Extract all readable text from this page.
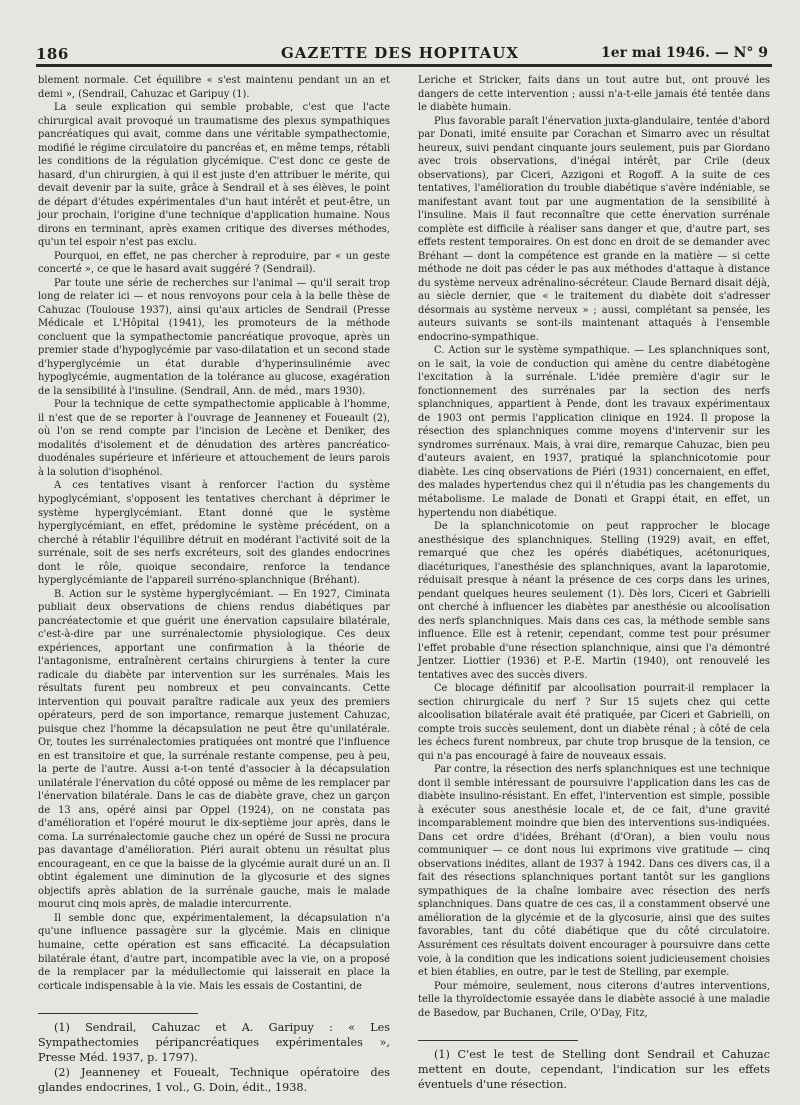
186	GAZETTE DES HOPITAUX	1er mai 1946. — N° 9

blement normale. Cet équilibre « s'est maintenu pendant un an et demi », (Sendrail, Cahuzac et Garipuy (1).

La seule explication qui semble probable, c'est que l'acte chirurgical avait provoqué un traumatisme des plexus sympathiques pancréatiques qui avait, comme dans une véritable sympathectomie, modifié le régime circulatoire du pancréas et, en même temps, rétabli les conditions de la régulation glycémique. C'est donc ce geste de hasard, d'un chirurgien, à qui il est juste d'en attribuer le mérite, qui devait devenir par la suite, grâce à Sendrail et à ses élèves, le point de départ d'études expérimentales d'un haut intérêt et peut-être, un jour prochain, l'origine d'une technique d'application humaine. Nous dirons en terminant, après examen critique des diverses méthodes, qu'un tel espoir n'est pas exclu.

Pourquoi, en effet, ne pas chercher à reproduire, par « un geste concerté », ce que le hasard avait suggéré ? (Sendrail).

Par toute une série de recherches sur l'animal — qu'il serait trop long de relater ici — et nous renvoyons pour cela à la belle thèse de Cahuzac (Toulouse 1937), ainsi qu'aux articles de Sendrail (Presse Médicale et L'Hôpital (1941), les promoteurs de la méthode concluent que la sympathectomie pancréatique provoque, après un premier stade d'hypoglycémie par vaso-dilatation et un second stade d'hyperglycémie un état durable d'hyperinsulinémie avec hypoglycémie, augmentation de la tolérance au glucose, exagération de la sensibilité à l'insuline. (Sendrail, Ann. de méd., mars 1930).

Pour la technique de cette sympathectomie applicable à l'homme, il n'est que de se reporter à l'ouvrage de Jeanneney et Foueault (2), où l'on se rend compte par l'incision de Lecène et Deniker, des modalités d'isolement et de dénudation des artères pancréatico-duodénales supérieure et inférieure et attouchement de leurs parois à la solution d'isophénol.

A ces tentatives visant à renforcer l'action du système hypoglycémiant, s'opposent les tentatives cherchant à déprimer le système hyperglycémiant. Etant donné que le système hyperglycémiant, en effet, prédomine le système précédent, on a cherché à rétablir l'équilibre détruit en modérant l'activité soit de la surrénale, soit de ses nerfs excréteurs, soit des glandes endocrines dont le rôle, quoique secondaire, renforce la tendance hyperglycémiante de l'appareil surréno-splanchnique (Bréhant).

B. Action sur le système hyperglycémiant. — En 1927, Ciminata publiait deux observations de chiens rendus diabétiques par pancréatectomie et que guérit une énervation capsulaire bilatérale, c'est-à-dire par une surrénalectomie physiologique. Ces deux expériences, apportant une confirmation à la théorie de l'antagonisme, entraînèrent certains chirurgiens à tenter la cure radicale du diabète par intervention sur les surrénales. Mais les résultats furent peu nombreux et peu convaincants. Cette intervention qui pouvait paraître radicale aux yeux des premiers opérateurs, perd de son importance, remarque justement Cahuzac, puisque chez l'homme la décapsulation ne peut être qu'unilatérale. Or, toutes les surrénalectomies pratiquées ont montré que l'influence en est transitoire et que, la surrénale restante compense, peu à peu, la perte de l'autre. Aussi a-t-on tenté d'associer à la décapsulation unilatérale l'énervation du côté opposé ou même de les remplacer par l'énervation bilatérale. Dans le cas de diabète grave, chez un garçon de 13 ans, opéré ainsi par Oppel (1924), on ne constata pas d'amélioration et l'opéré mourut le dix-septième jour après, dans le coma. La surrénalectomie gauche chez un opéré de Sussi ne procura pas davantage d'amélioration. Piéri aurait obtenu un résultat plus encourageant, en ce que la baisse de la glycémie aurait duré un an. Il obtint également une diminution de la glycosurie et des signes objectifs après ablation de la surrénale gauche, mais le malade mourut cinq mois après, de maladie intercurrente.

Il semble donc que, expérimentalement, la décapsulation n'a qu'une influence passagère sur la glycémie. Mais en clinique humaine, cette opération est sans efficacité. La décapsulation bilatérale étant, d'autre part, incompatible avec la vie, on a proposé de la remplacer par la médullectomie qui laisserait en place la corticale indispensable à la vie. Mais les essais de Costantini, de

(1) Sendrail, Cahuzac et A. Garipuy : « Les Sympathectomies péripancréatiques expérimentales », Presse Méd. 1937, p. 1797).

(2) Jeanneney et Fouealt, Technique opératoire des glandes endocrines, 1 vol., G. Doin, édit., 1938.

Leriche et Stricker, faits dans un tout autre but, ont prouvé les dangers de cette intervention ; aussi n'a-t-elle jamais été tentée dans le diabète humain.

Plus favorable paraît l'énervation juxta-glandulaire, tentée d'abord par Donati, imité ensuite par Corachan et Simarro avec un résultat heureux, suivi pendant cinquante jours seulement, puis par Giordano avec trois observations, d'inégal intérêt, par Crile (deux observations), par Ciceri, Azzigoni et Rogoff. A la suite de ces tentatives, l'amélioration du trouble diabétique s'avère indéniable, se manifestant avant tout par une augmentation de la sensibilité à l'insuline. Mais il faut reconnaître que cette énervation surrénale complète est difficile à réaliser sans danger et que, d'autre part, ses effets restent temporaires. On est donc en droit de se demander avec Bréhant — dont la compétence est grande en la matière — si cette méthode ne doit pas céder le pas aux méthodes d'attaque à distance du système nerveux adrénalino-sécréteur. Claude Bernard disait déjà, au siècle dernier, que « le traitement du diabète doit s'adresser désormais au système nerveux » ; aussi, complétant sa pensée, les auteurs suivants se sont-ils maintenant attaqués à l'ensemble endocrino-sympathique.

C. Action sur le système sympathique. — Les splanchniques sont, on le sait, la voie de conduction qui amène du centre diabétogène l'excitation à la surrénale. L'idée première d'agir sur le fonctionnement des surrénales par la section des nerfs splanchniques, appartient à Pende, dont les travaux expérimentaux de 1903 ont permis l'application clinique en 1924. Il propose la résection des splanchniques comme moyens d'intervenir sur les syndromes surrénaux. Mais, à vrai dire, remarque Cahuzac, bien peu d'auteurs avaient, en 1937, pratiqué la splanchnicotomie pour diabète. Les cinq observations de Piéri (1931) concernaient, en effet, des malades hypertendus chez qui il n'étudia pas les changements du métabolisme. Le malade de Donati et Grappi était, en effet, un hypertendu non diabétique.

De la splanchnicotomie on peut rapprocher le blocage anesthésique des splanchniques. Stelling (1929) avait, en effet, remarqué que chez les opérés diabétiques, acétonuriques, diacéturiques, l'anesthésie des splanchniques, avant la laparotomie, réduisait presque à néant la présence de ces corps dans les urines, pendant quelques heures seulement (1). Dès lors, Ciceri et Gabrielli ont cherché à influencer les diabètes par anesthésie ou alcoolisation des nerfs splanchniques. Mais dans ces cas, la méthode semble sans influence. Elle est à retenir, cependant, comme test pour présumer l'effet probable d'une résection splanchnique, ainsi que l'a démontré Jentzer. Liottier (1936) et P.-E. Martin (1940), ont renouvelé les tentatives avec des succès divers.

Ce blocage définitif par alcoolisation pourrait-il remplacer la section chirurgicale du nerf ? Sur 15 sujets chez qui cette alcoolisation bilatérale avait été pratiquée, par Ciceri et Gabrielli, on compte trois succès seulement, dont un diabète rénal ; à côté de cela les échecs furent nombreux, par chute trop brusque de la tension, ce qui n'a pas encouragé à faire de nouveaux essais.

Par contre, la résection des nerfs splanchniques est une technique dont il semble intéressant de poursuivre l'application dans les cas de diabète insulino-résistant. En effet, l'intervention est simple, possible à exécuter sous anesthésie locale et, de ce fait, d'une gravité incomparablement moindre que bien des interventions sus-indiquées. Dans cet ordre d'idées, Bréhant (d'Oran), a bien voulu nous communiquer — ce dont nous lui exprimons vive gratitude — cinq observations inédites, allant de 1937 à 1942. Dans ces divers cas, il a fait des résections splanchniques portant tantôt sur les ganglions sympathiques de la chaîne lombaire avec résection des nerfs splanchniques. Dans quatre de ces cas, il a constamment observé une amélioration de la glycémie et de la glycosurie, ainsi que des suites favorables, tant du côté diabétique que du côté circulatoire. Assurément ces résultats doivent encourager à poursuivre dans cette voie, à la condition que les indications soient judicieusement choisies et bien établies, en outre, par le test de Stelling, par exemple.

Pour mémoire, seulement, nous citerons d'autres interventions, telle la thyroïdectomie essayée dans le diabète associé à une maladie de Basedow, par Buchanen, Crile, O'Day, Fitz,

(1) C'est le test de Stelling dont Sendrail et Cahuzac mettent en doute, cependant, l'indication sur les effets éventuels d'une résection.
